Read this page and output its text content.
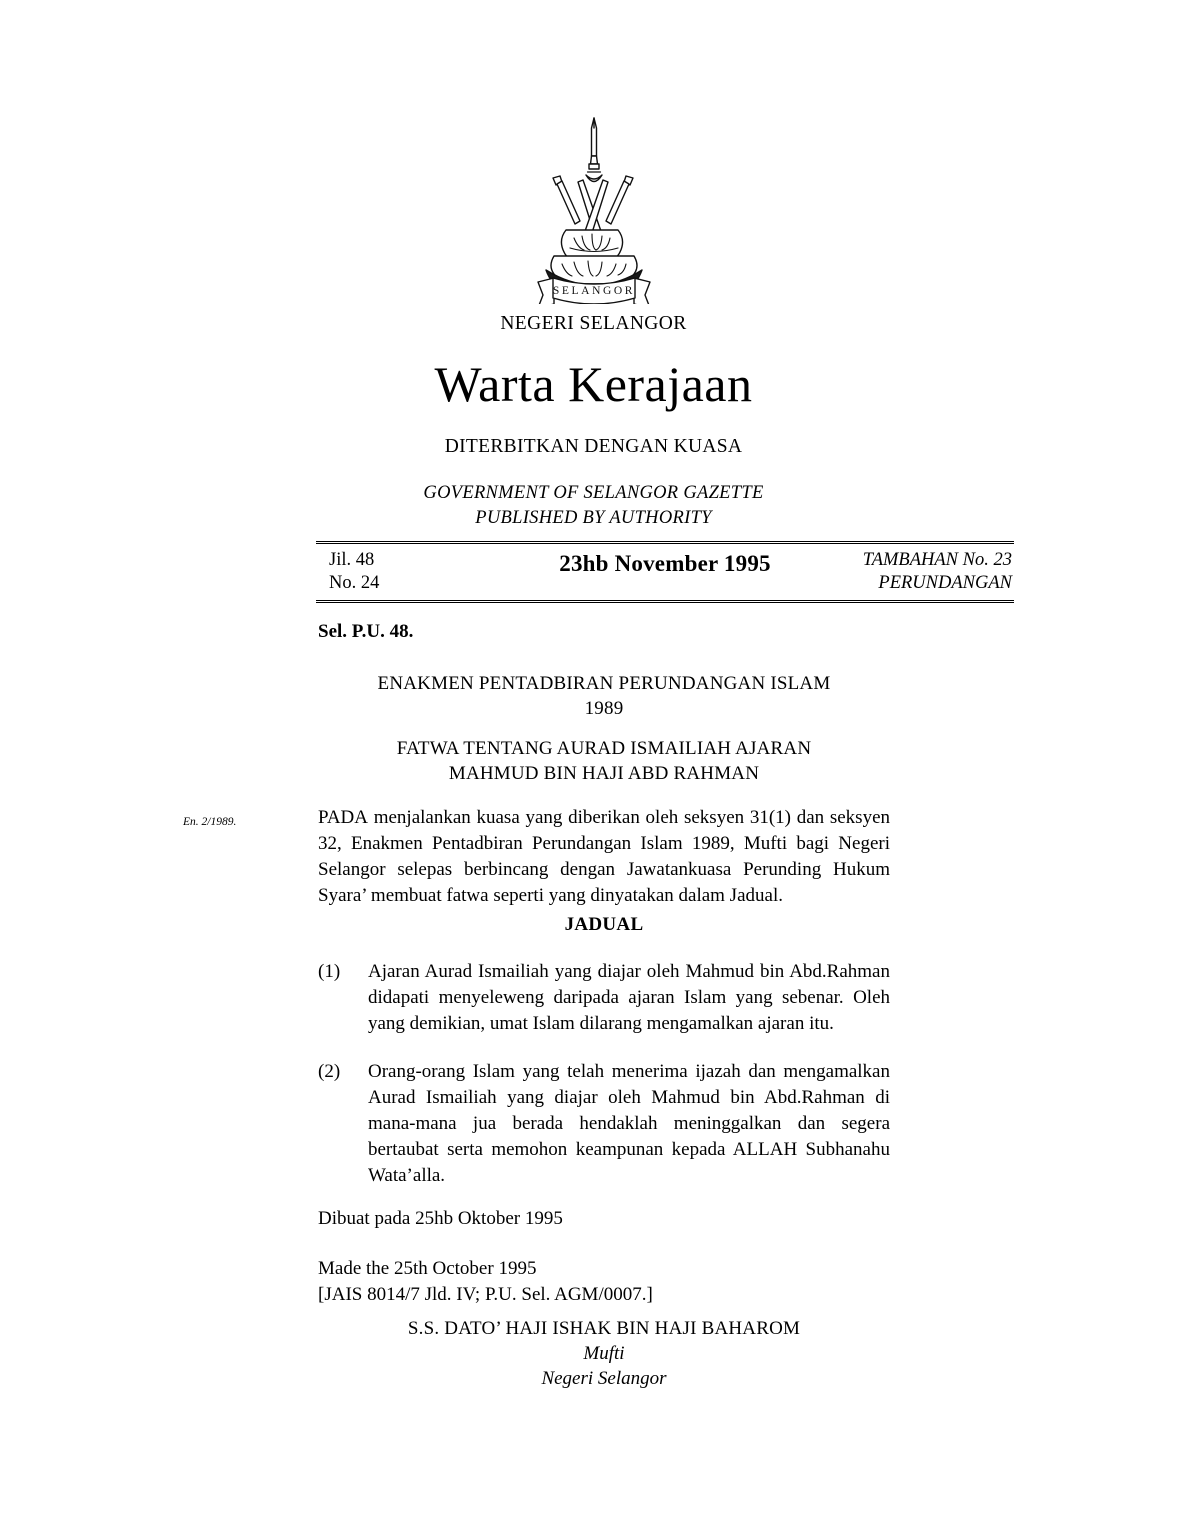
SELANGOR
NEGERI SELANGOR
Warta Kerajaan
DITERBITKAN DENGAN KUASA
GOVERNMENT OF SELANGOR GAZETTE
PUBLISHED BY AUTHORITY
Jil. 48
No. 24
23hb November 1995	TAMBAHAN No. 23
PERUNDANGAN
Sel. P.U. 48.
ENAKMEN PENTADBIRAN PERUNDANGAN ISLAM
1989
FATWA TENTANG AURAD ISMAILIAH AJARAN
MAHMUD BIN HAJI ABD RAHMAN
En. 2/1989.	PADA menjalankan kuasa yang diberikan oleh seksyen 31(1) dan seksyen 32, Enakmen Pentadbiran Perundangan Islam 1989, Mufti bagi Negeri Selangor selepas berbincang dengan Jawatankuasa Perunding Hukum Syara’ membuat fatwa seperti yang dinyatakan dalam Jadual.
JADUAL
(1)	Ajaran Aurad Ismailiah yang diajar oleh Mahmud bin Abd.Rahman didapati menyeleweng daripada ajaran Islam yang sebenar. Oleh yang demikian, umat Islam dilarang mengamalkan ajaran itu.
(2)	Orang-orang Islam yang telah menerima ijazah dan mengamalkan Aurad Ismailiah yang diajar oleh Mahmud bin Abd.Rahman di mana-mana jua berada hendaklah meninggalkan dan segera bertaubat serta memohon keampunan kepada ALLAH Subhanahu Wata’alla.
Dibuat pada 25hb Oktober 1995
Made the 25th October 1995
[JAIS 8014/7 Jld. IV; P.U. Sel. AGM/0007.]
S.S. DATO’ HAJI ISHAK BIN HAJI BAHAROM
Mufti
Negeri Selangor
